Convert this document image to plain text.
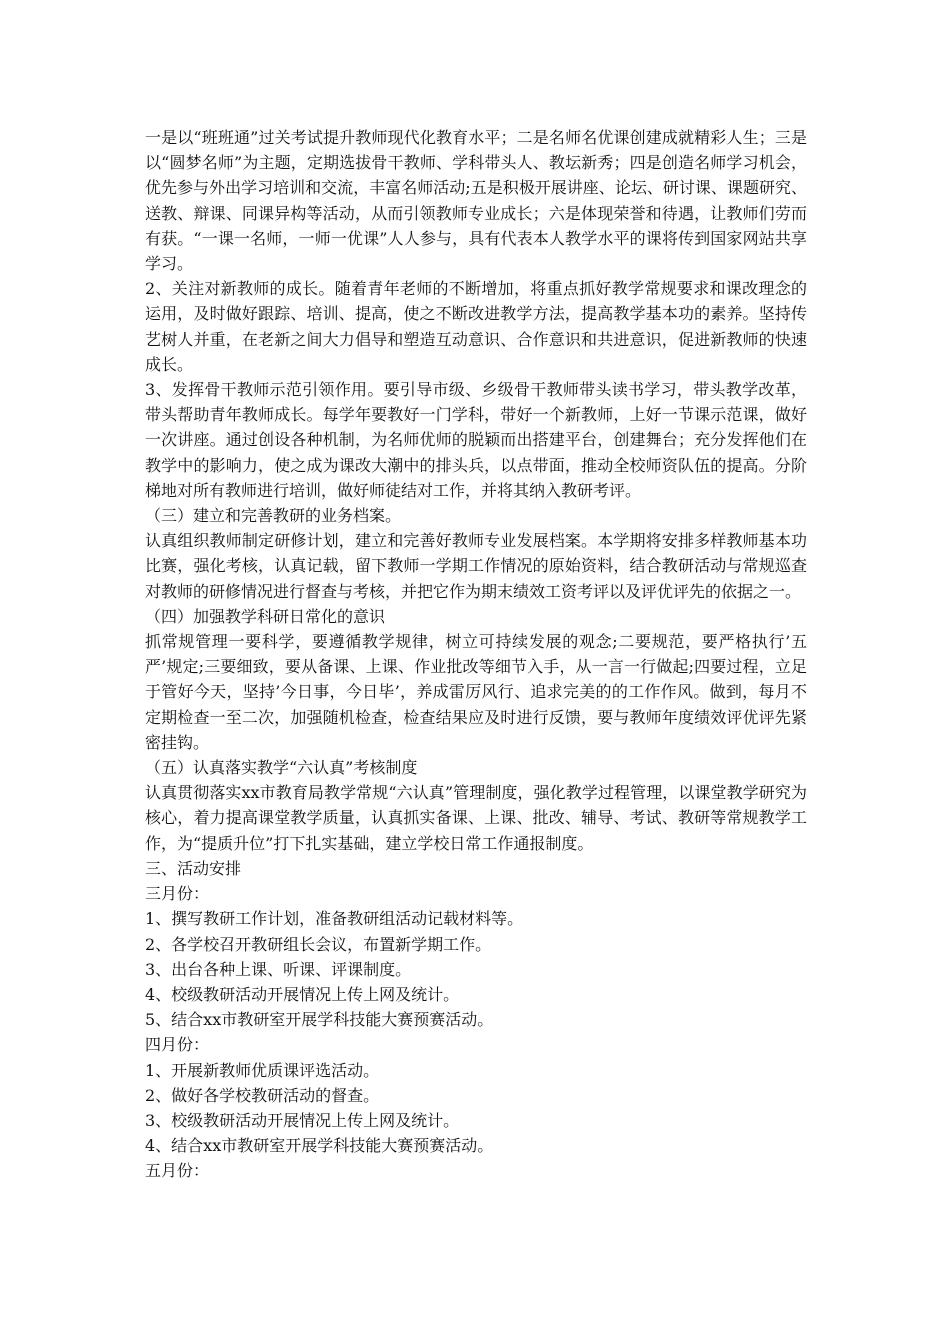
一是以“班班通”过关考试提升教师现代化教育水平；二是名师名优课创建成就精彩人生；三是以“圆梦名师”为主题，定期选拔骨干教师、学科带头人、教坛新秀；四是创造名师学习机会，优先参与外出学习培训和交流，丰富名师活动;五是积极开展讲座、论坛、研讨课、课题研究、送教、辩课、同课异构等活动，从而引领教师专业成长；六是体现荣誉和待遇，让教师们劳而有获。“一课一名师，一师一优课”人人参与，具有代表本人教学水平的课将传到国家网站共享学习。

2、关注对新教师的成长。随着青年老师的不断增加，将重点抓好教学常规要求和课改理念的运用，及时做好跟踪、培训、提高，使之不断改进教学方法，提高教学基本功的素养。坚持传艺树人并重，在老新之间大力倡导和塑造互动意识、合作意识和共进意识，促进新教师的快速成长。

3、发挥骨干教师示范引领作用。要引导市级、乡级骨干教师带头读书学习，带头教学改革，带头帮助青年教师成长。每学年要教好一门学科，带好一个新教师，上好一节课示范课，做好一次讲座。通过创设各种机制，为名师优师的脱颖而出搭建平台，创建舞台；充分发挥他们在教学中的影响力，使之成为课改大潮中的排头兵，以点带面，推动全校师资队伍的提高。分阶梯地对所有教师进行培训，做好师徒结对工作，并将其纳入教研考评。

（三）建立和完善教研的业务档案。

认真组织教师制定研修计划，建立和完善好教师专业发展档案。本学期将安排多样教师基本功比赛，强化考核，认真记载，留下教师一学期工作情况的原始资料，结合教研活动与常规巡查对教师的研修情况进行督查与考核，并把它作为期末绩效工资考评以及评优评先的依据之一。

（四）加强教学科研日常化的意识

抓常规管理一要科学，要遵循教学规律，树立可持续发展的观念;二要规范，要严格执行’五严’规定;三要细致，要从备课、上课、作业批改等细节入手，从一言一行做起;四要过程，立足于管好今天，坚持’今日事，今日毕’，养成雷厉风行、追求完美的的工作作风。做到，每月不定期检查一至二次，加强随机检查，检查结果应及时进行反馈，要与教师年度绩效评优评先紧密挂钩。

（五）认真落实教学“六认真”考核制度

认真贯彻落实xx市教育局教学常规“六认真”管理制度，强化教学过程管理，以课堂教学研究为核心，着力提高课堂教学质量，认真抓实备课、上课、批改、辅导、考试、教研等常规教学工作，为“提质升位”打下扎实基础，建立学校日常工作通报制度。

三、活动安排

三月份：

1、撰写教研工作计划，准备教研组活动记载材料等。

2、各学校召开教研组长会议，布置新学期工作。

3、出台各种上课、听课、评课制度。

4、校级教研活动开展情况上传上网及统计。

5、结合xx市教研室开展学科技能大赛预赛活动。

四月份：

1、开展新教师优质课评选活动。

2、做好各学校教研活动的督查。

3、校级教研活动开展情况上传上网及统计。

4、结合xx市教研室开展学科技能大赛预赛活动。

五月份：
